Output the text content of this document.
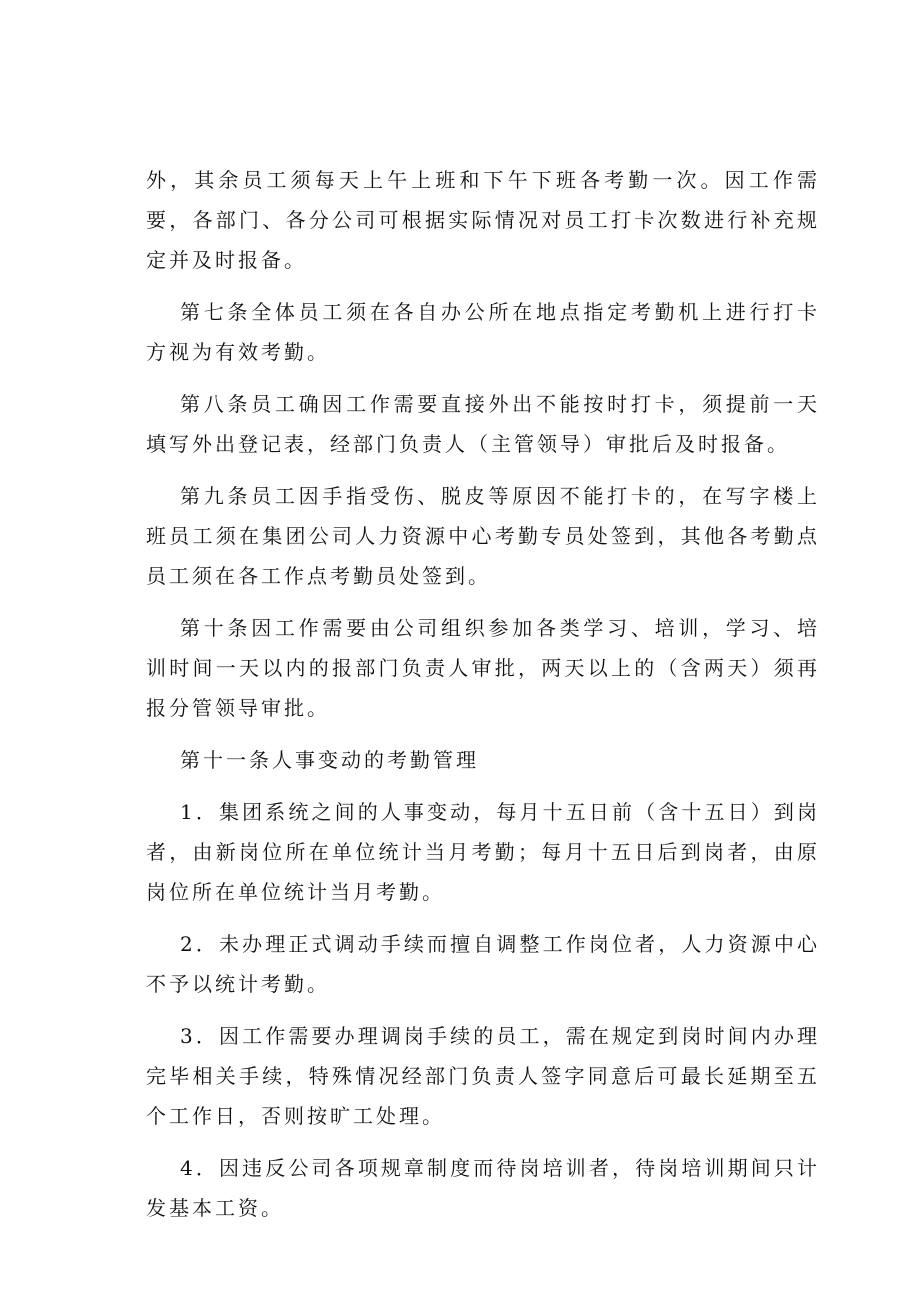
外，其余员工须每天上午上班和下午下班各考勤一次。因工作需要，各部门、各分公司可根据实际情况对员工打卡次数进行补充规定并及时报备。

第七条全体员工须在各自办公所在地点指定考勤机上进行打卡方视为有效考勤。

第八条员工确因工作需要直接外出不能按时打卡，须提前一天填写外出登记表，经部门负责人（主管领导）审批后及时报备。

第九条员工因手指受伤、脱皮等原因不能打卡的，在写字楼上班员工须在集团公司人力资源中心考勤专员处签到，其他各考勤点员工须在各工作点考勤员处签到。

第十条因工作需要由公司组织参加各类学习、培训，学习、培训时间一天以内的报部门负责人审批，两天以上的（含两天）须再报分管领导审批。

第十一条人事变动的考勤管理

1．集团系统之间的人事变动，每月十五日前（含十五日）到岗者，由新岗位所在单位统计当月考勤；每月十五日后到岗者，由原岗位所在单位统计当月考勤。

2．未办理正式调动手续而擅自调整工作岗位者，人力资源中心不予以统计考勤。

3．因工作需要办理调岗手续的员工，需在规定到岗时间内办理完毕相关手续，特殊情况经部门负责人签字同意后可最长延期至五个工作日，否则按旷工处理。

4．因违反公司各项规章制度而待岗培训者，待岗培训期间只计发基本工资。
